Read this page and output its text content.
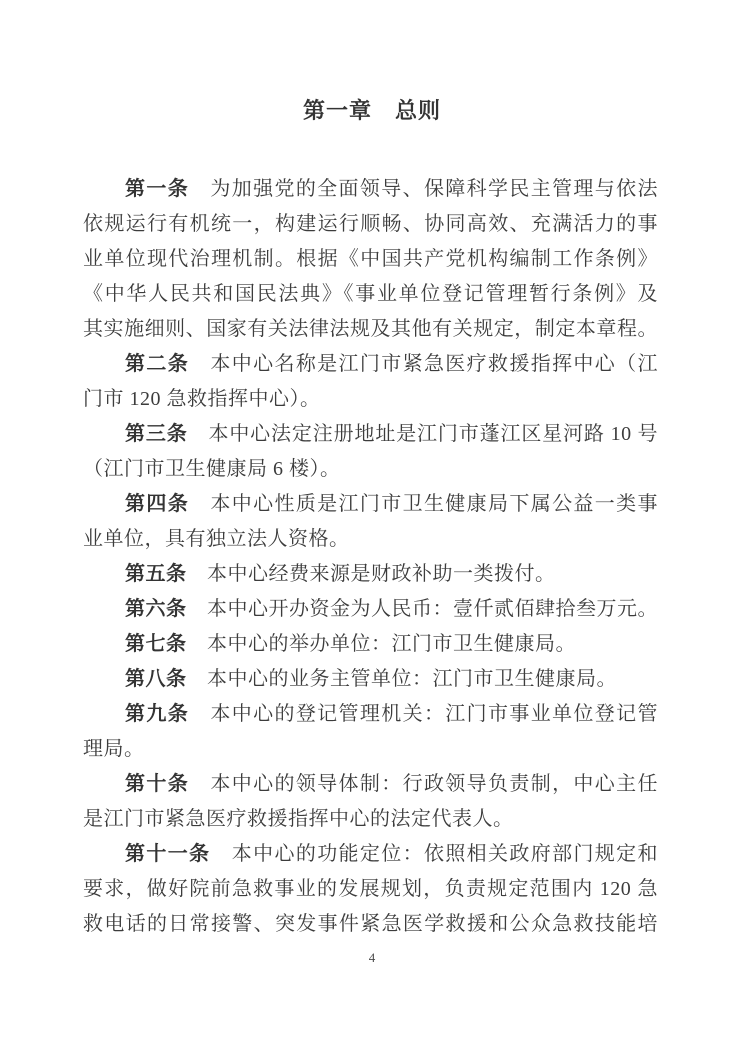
第一章　总则
第一条　为加强党的全面领导、保障科学民主管理与依法
依规运行有机统一，构建运行顺畅、协同高效、充满活力的事
业单位现代治理机制。根据《中国共产党机构编制工作条例》
《中华人民共和国民法典》《事业单位登记管理暂行条例》及
其实施细则、国家有关法律法规及其他有关规定，制定本章程。
第二条　本中心名称是江门市紧急医疗救援指挥中心（江
门市 120 急救指挥中心）。
第三条　本中心法定注册地址是江门市蓬江区星河路 10 号
（江门市卫生健康局 6 楼）。
第四条　本中心性质是江门市卫生健康局下属公益一类事
业单位，具有独立法人资格。
第五条　本中心经费来源是财政补助一类拨付。
第六条　本中心开办资金为人民币：壹仟贰佰肆拾叁万元。
第七条　本中心的举办单位：江门市卫生健康局。
第八条　本中心的业务主管单位：江门市卫生健康局。
第九条　本中心的登记管理机关：江门市事业单位登记管
理局。
第十条　本中心的领导体制：行政领导负责制，中心主任
是江门市紧急医疗救援指挥中心的法定代表人。
第十一条　本中心的功能定位：依照相关政府部门规定和
要求，做好院前急救事业的发展规划，负责规定范围内 120 急
救电话的日常接警、突发事件紧急医学救援和公众急救技能培
4
